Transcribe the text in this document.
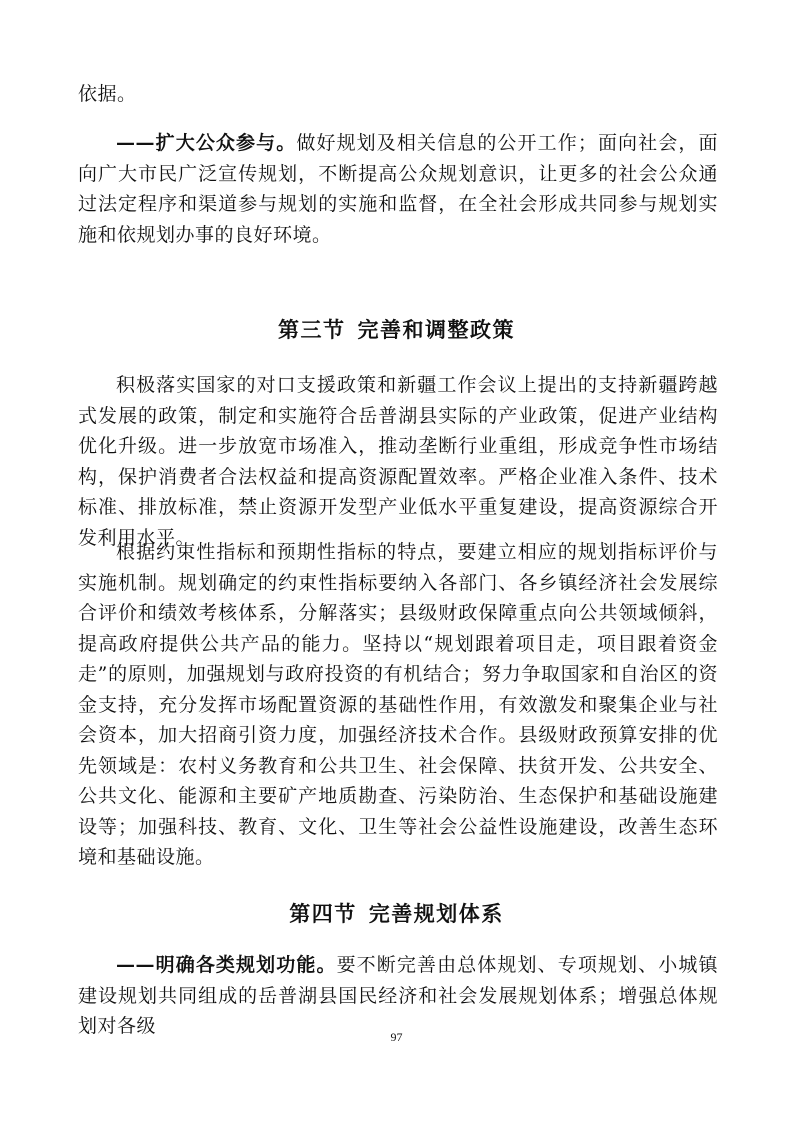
依据。

——扩大公众参与。做好规划及相关信息的公开工作；面向社会，面向广大市民广泛宣传规划，不断提高公众规划意识，让更多的社会公众通过法定程序和渠道参与规划的实施和监督，在全社会形成共同参与规划实施和依规划办事的良好环境。

第三节 完善和调整政策

积极落实国家的对口支援政策和新疆工作会议上提出的支持新疆跨越式发展的政策，制定和实施符合岳普湖县实际的产业政策，促进产业结构优化升级。进一步放宽市场准入，推动垄断行业重组，形成竞争性市场结构，保护消费者合法权益和提高资源配置效率。严格企业准入条件、技术标准、排放标准，禁止资源开发型产业低水平重复建设，提高资源综合开发利用水平。

根据约束性指标和预期性指标的特点，要建立相应的规划指标评价与实施机制。规划确定的约束性指标要纳入各部门、各乡镇经济社会发展综合评价和绩效考核体系，分解落实；县级财政保障重点向公共领域倾斜，提高政府提供公共产品的能力。坚持以“规划跟着项目走，项目跟着资金走”的原则，加强规划与政府投资的有机结合；努力争取国家和自治区的资金支持，充分发挥市场配置资源的基础性作用，有效激发和聚集企业与社会资本，加大招商引资力度，加强经济技术合作。县级财政预算安排的优先领域是：农村义务教育和公共卫生、社会保障、扶贫开发、公共安全、公共文化、能源和主要矿产地质勘查、污染防治、生态保护和基础设施建设等；加强科技、教育、文化、卫生等社会公益性设施建设，改善生态环境和基础设施。

第四节 完善规划体系

——明确各类规划功能。要不断完善由总体规划、专项规划、小城镇建设规划共同组成的岳普湖县国民经济和社会发展规划体系；增强总体规划对各级	97
